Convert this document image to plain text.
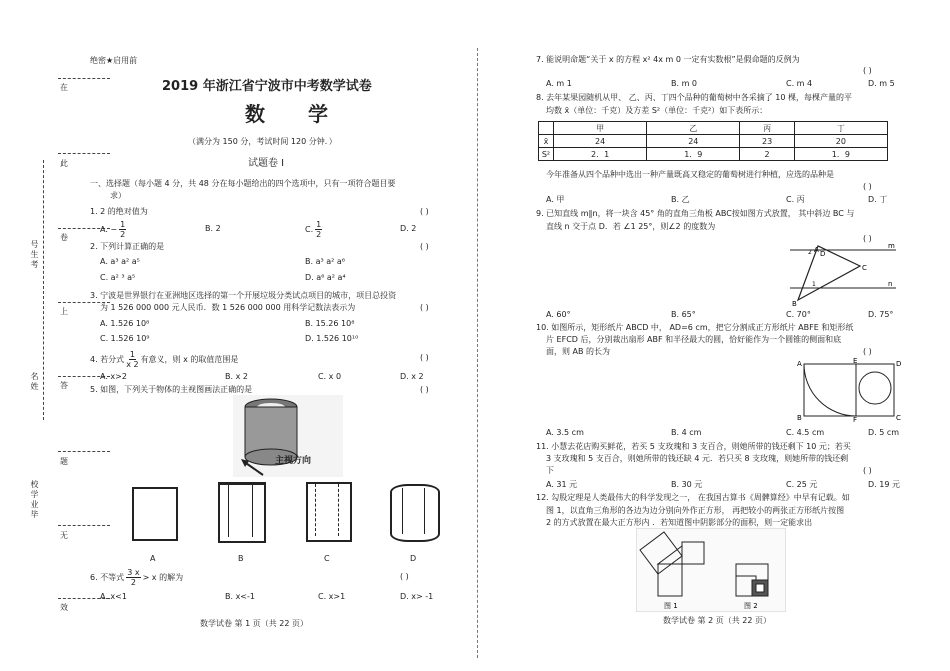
绝密★启用前
在
此
卷
上
答
题
无
效
号生考
名姓
校学业毕
2019 年浙江省宁波市中考数学试卷
数 学
（满分为 150 分，考试时间 120 分钟．）
试题卷 Ⅰ
一、选择题（每小题 4 分，共 48 分在每小题给出的四个选项中，只有一项符合题目要
求）
1. 2 的绝对值为	( )
A. − $\frac{1}{2}$	B. 2	C. $\frac{1}{2}$	D. 2
2. 下列计算正确的是	( )
A. a³ a² a⁵	B. a³ a² a⁶
C. a² ³ a⁵	D. a⁶ a² a⁴
3. 宁波是世界银行在亚洲地区选择的第一个开展垃圾分类试点项目的城市，项目总投资
为 1 526 000 000 元人民币．数 1 526 000 000 用科学记数法表示为	( )
A. 1.526 10⁸	B. 15.26 10⁸
C. 1.526 10⁹	D. 1.526 10¹⁰
4. 若分式 $\frac{1}{x 2}$ 有意义，则 x 的取值范围是	( )
A. x>2	B. x 2	C. x 0	D. x 2
5. 如图，下列关于物体的主视图画法正确的是	( )
主视方向
A	B	C	D
6. 不等式 $\frac{3 x}{2} > x$ 的解为	( )
A. x<1	B. x<-1	C. x>1	D. x> -1
数学试卷 第 1 页（共 22 页）
7. 能说明命题“关于 x 的方程 x² 4x m 0 一定有实数根”是假命题的反例为
( )
A. m 1	B. m 0	C. m 4	D. m 5
8. 去年某果园随机从甲、 乙、丙、丁四个品种的葡萄树中各采摘了 10 棵，每棵产量的平
均数 x̄（单位：千克）及方差 S²（单位：千克²）如下表所示：
	甲	乙	丙	丁
x̄	24	24	23	20
S²	2．1	1．9	2	1．9
今年准备从四个品种中选出一种产量既高又稳定的葡萄树进行种植，应选的品种是
( )
A. 甲	B. 乙	C. 丙	D. 丁
9. 已知直线 m∥n，将一块含 45° 角的直角三角板 ABC按如图方式放置， 其中斜边 BC 与
直线 n 交于点 D．若 ∠1 25°，则∠2 的度数为
( )
A
2 D
B
1
C
m
n
A. 60°	B. 65°	C. 70°	D. 75°
10. 如图所示，矩形纸片 ABCD 中， AD=6 cm，把它分割成正方形纸片 ABFE 和矩形纸
片 EFCD 后，分别裁出扇形 ABF 和半径最大的圆，恰好能作为一个圆锥的侧面和底
面，则 AB 的长为	( )
A	E	D
B	F	C
A. 3.5 cm	B. 4 cm	C. 4.5 cm	D. 5 cm
11. 小慧去花店购买鲜花，若买 5 支玫瑰和 3 支百合，则她所带的钱还剩下 10 元；若买
3 支玫瑰和 5 支百合，则她所带的钱还缺 4 元．若只买 8 支玫瑰，则她所带的钱还剩
下	( )
A. 31 元	B. 30 元	C. 25 元	D. 19 元
12. 勾股定理是人类最伟大的科学发现之一， 在我国古算书《周髀算经》中早有记载。如
图 1，以直角三角形的各边为边分别向外作正方形， 再把较小的两张正方形纸片按图
2 的方式放置在最大正方形内 ．若知道图中阴影部分的面积，则一定能求出
图 1	图 2
数学试卷 第 2 页（共 22 页）
